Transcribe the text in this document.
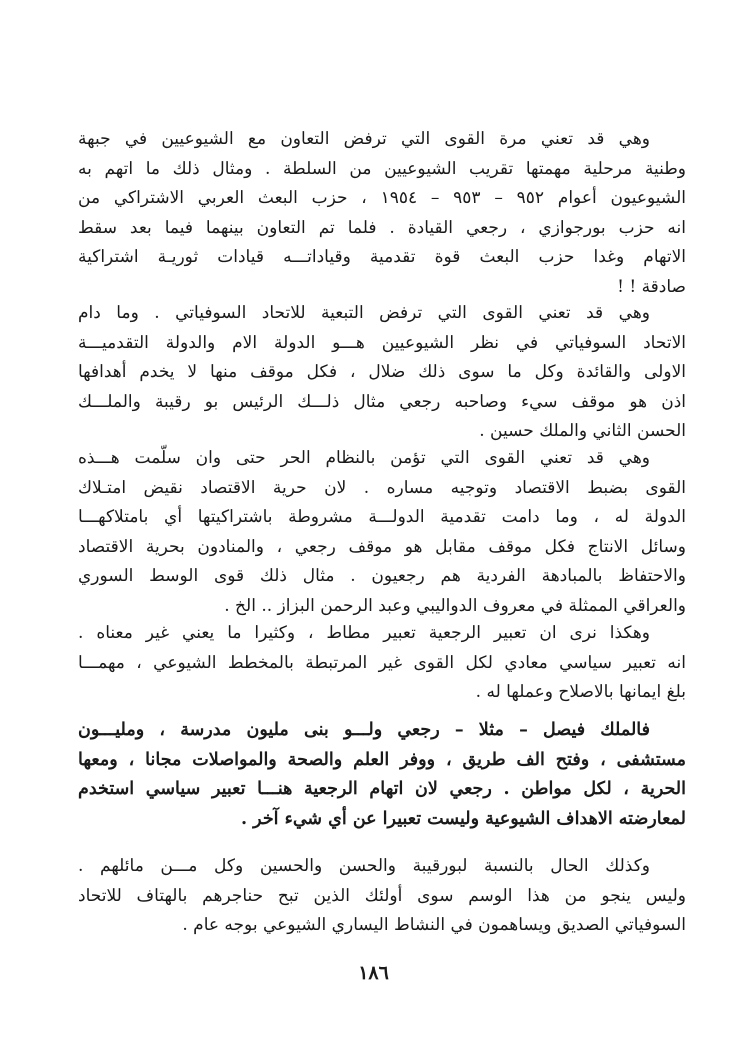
وهي قد تعني مرة القوى التي ترفض التعاون مع الشيوعيين في جبهة
وطنية مرحلية مهمتها تقريب الشيوعيين من السلطة . ومثال ذلك ما اتهم به
الشيوعيون أعوام ٩٥٢ – ٩٥٣ – ١٩٥٤ ، حزب البعث العربي الاشتراكي من
انه حزب بورجوازي ، رجعي القيادة . فلما تم التعاون بينهما فيما بعد سقط
الاتهام وغدا حزب البعث قوة تقدمية وقياداتـــه قيادات ثوريـة اشتراكية
صادقة ! !
وهي قد تعني القوى التي ترفض التبعية للاتحاد السوفياتي . وما دام
الاتحاد السوفياتي في نظر الشيوعيين هـــو الدولة الام والدولة التقدميـــة
الاولى والقائدة وكل ما سوى ذلك ضلال ، فكل موقف منها لا يخدم أهدافها
اذن هو موقف سيء وصاحبه رجعي مثال ذلـــك الرئيس بو رقيبة والملـــك
الحسن الثاني والملك حسين .
وهي قد تعني القوى التي تؤمن بالنظام الحر حتى وان سلّمت هـــذه
القوى بضبط الاقتصاد وتوجيه مساره . لان حرية الاقتصاد نقيض امتـلاك
الدولة له ، وما دامت تقدمية الدولـــة مشروطة باشتراكيتها أي بامتلاكهـــا
وسائل الانتاج فكل موقف مقابل هو موقف رجعي ، والمنادون بحرية الاقتصاد
والاحتفاظ بالمبادهة الفردية هم رجعيون . مثال ذلك قوى الوسط السوري
والعراقي الممثلة في معروف الدواليبي وعبد الرحمن البزاز .. الخ .
وهكذا نرى ان تعبير الرجعية تعبير مطاط ، وكثيرا ما يعني غير معناه .
انه تعبير سياسي معادي لكل القوى غير المرتبطة بالمخطط الشيوعي ، مهمـــا
بلغ ايمانها بالاصلاح وعملها له .
فالملك فيصل – مثلا – رجعي ولـــو بنى مليون مدرسة ، ومليـــون
مستشفى ، وفتح الف طريق ، ووفر العلم والصحة والمواصلات مجانا ، ومعها
الحرية ، لكل مواطن . رجعي لان اتهام الرجعية هنـــا تعبير سياسي استخدم
لمعارضته الاهداف الشيوعية وليست تعبيرا عن أي شيء آخر .
وكذلك الحال بالنسبة لبورقيبة والحسن والحسين وكل مـــن مائلهم .
وليس ينجو من هذا الوسم سوى أولئك الذين تبح حناجرهم بالهتاف للاتحاد
السوفياتي الصديق ويساهمون في النشاط اليساري الشيوعي بوجه عام .
١٨٦
